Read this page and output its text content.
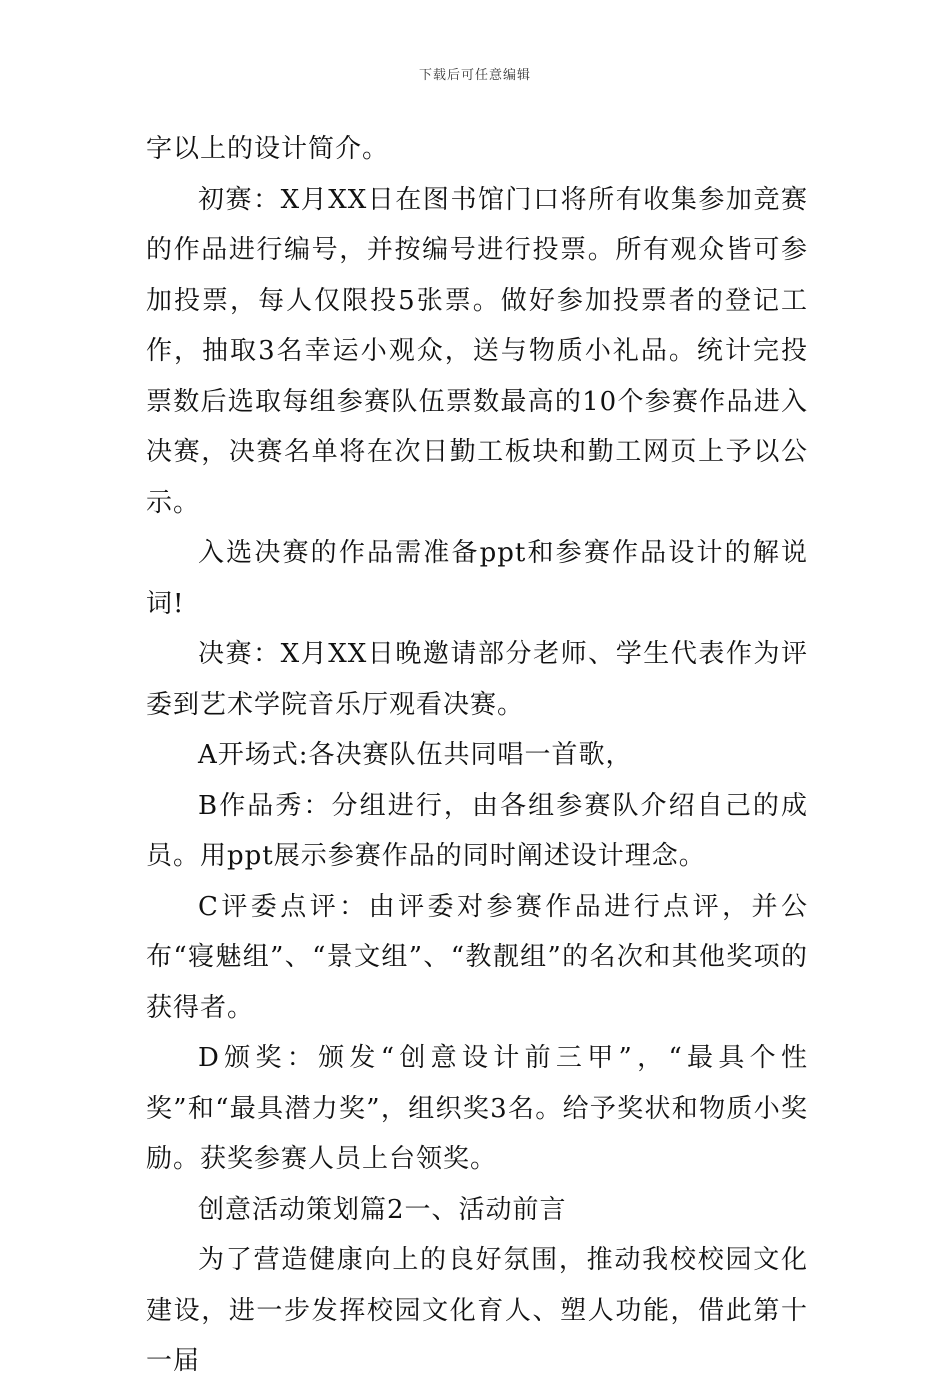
下载后可任意编辑

字以上的设计简介。

初赛：X月XX日在图书馆门口将所有收集参加竞赛的作品进行编号，并按编号进行投票。所有观众皆可参加投票，每人仅限投5张票。做好参加投票者的登记工作，抽取3名幸运小观众，送与物质小礼品。统计完投票数后选取每组参赛队伍票数最高的10个参赛作品进入决赛，决赛名单将在次日勤工板块和勤工网页上予以公示。

入选决赛的作品需准备ppt和参赛作品设计的解说词!

决赛：X月XX日晚邀请部分老师、学生代表作为评委到艺术学院音乐厅观看决赛。

A开场式:各决赛队伍共同唱一首歌，

B作品秀：分组进行，由各组参赛队介绍自己的成员。用ppt展示参赛作品的同时阐述设计理念。

C评委点评：由评委对参赛作品进行点评，并公布“寝魅组”、“景文组”、“教靓组”的名次和其他奖项的获得者。

D颁奖：颁发“创意设计前三甲”，“最具个性奖”和“最具潜力奖”，组织奖3名。给予奖状和物质小奖励。获奖参赛人员上台领奖。

创意活动策划篇2一、活动前言

为了营造健康向上的良好氛围，推动我校校园文化建设，进一步发挥校园文化育人、塑人功能，借此第十一届
